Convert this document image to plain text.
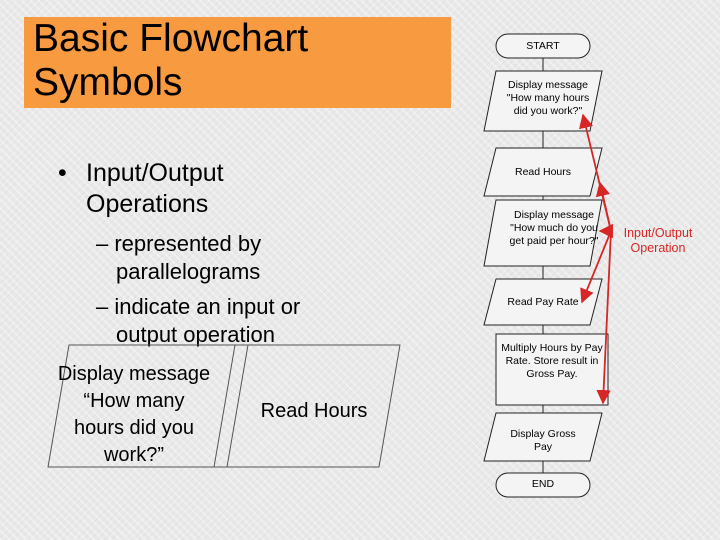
Basic Flowchart Symbols
• Input/Output Operations
– represented by parallelograms
– indicate an input or output operation
Display message “How many hours did you work?”
Read Hours
START
Display message "How many hours did you work?"
Read Hours
Display message "How much do you get paid per hour?"
Read Pay Rate
Multiply Hours by Pay Rate. Store result in Gross Pay.
Display Gross Pay
END
Input/Output Operation
